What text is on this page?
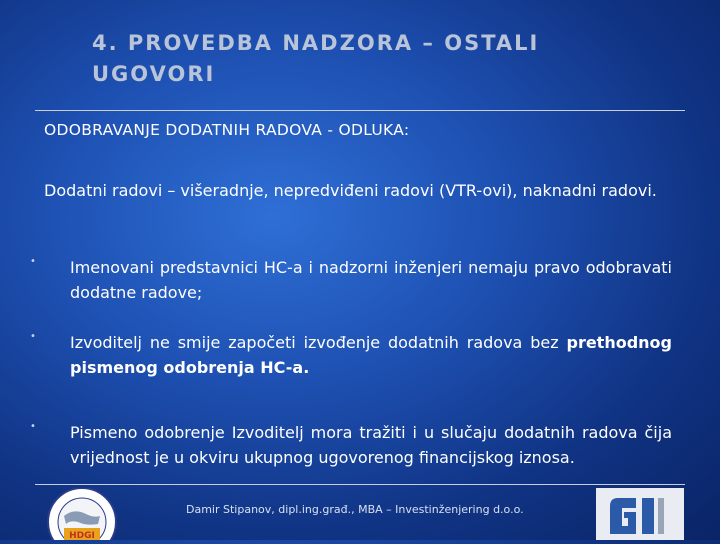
4. PROVEDBA NADZORA – OSTALI UGOVORI
ODOBRAVANJE DODATNIH RADOVA - ODLUKA:
Dodatni radovi – višeradnje, nepredviđeni radovi (VTR-ovi), naknadni radovi.
• Imenovani predstavnici HC-a i nadzorni inženjeri nemaju pravo odobravati dodatne radove;
• Izvoditelj ne smije započeti izvođenje dodatnih radova bez prethodnog pismenog odobrenja HC-a.
• Pismeno odobrenje Izvoditelj mora tražiti i u slučaju dodatnih radova čija vrijednost je u okviru ukupnog ugovorenog financijskog iznosa.
HDGI
Damir Stipanov, dipl.ing.građ., MBA – Investinženjering d.o.o.
